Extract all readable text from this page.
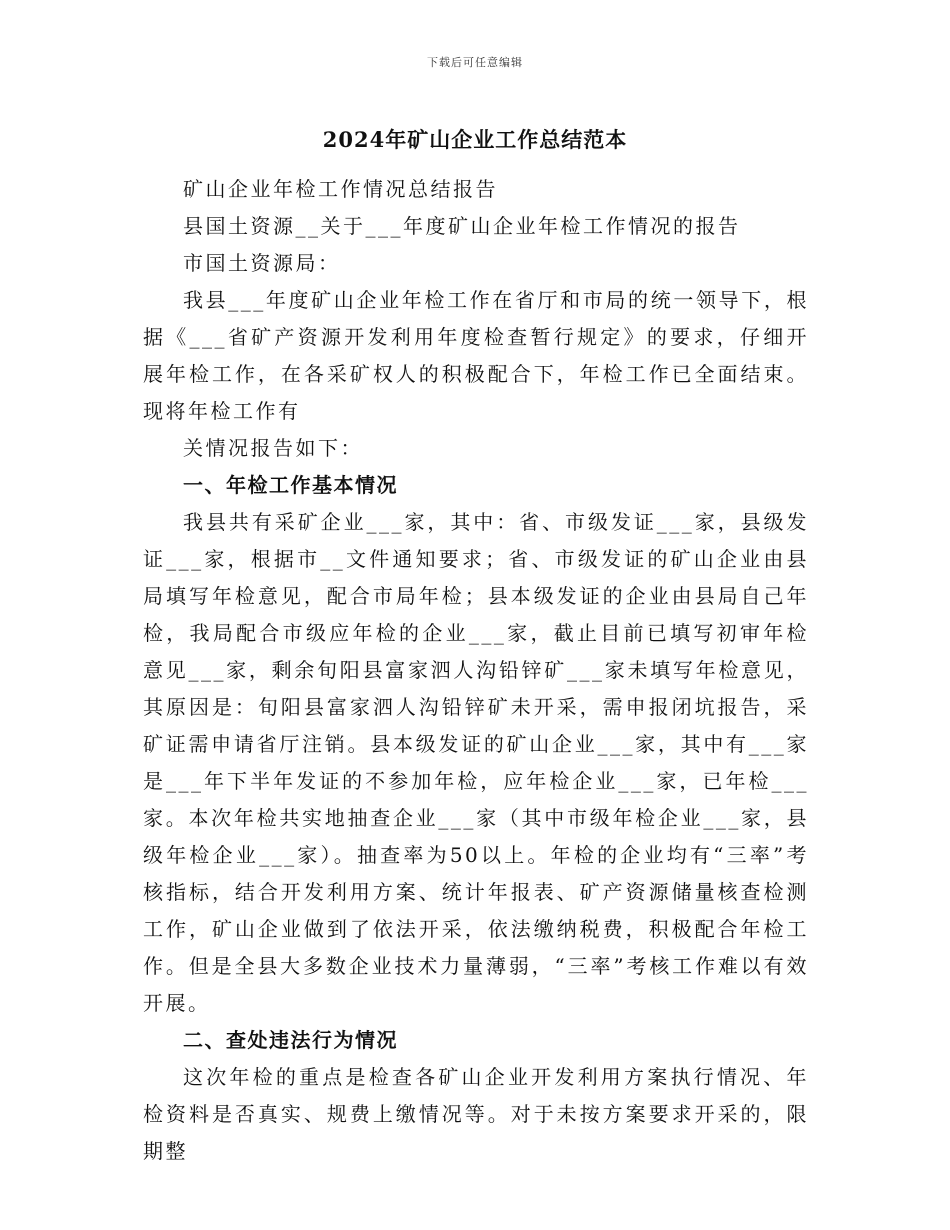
下载后可任意编辑
2024年矿山企业工作总结范本

矿山企业年检工作情况总结报告

县国土资源__关于___年度矿山企业年检工作情况的报告

市国土资源局：

我县___年度矿山企业年检工作在省厅和市局的统一领导下，根据《___省矿产资源开发利用年度检查暂行规定》的要求，仔细开展年检工作，在各采矿权人的积极配合下，年检工作已全面结束。现将年检工作有

关情况报告如下：

一、年检工作基本情况

我县共有采矿企业___家，其中：省、市级发证___家，县级发证___家，根据市__文件通知要求；省、市级发证的矿山企业由县局填写年检意见，配合市局年检；县本级发证的企业由县局自己年检，我局配合市级应年检的企业___家，截止目前已填写初审年检意见___家，剩余旬阳县富家泗人沟铅锌矿___家未填写年检意见，其原因是：旬阳县富家泗人沟铅锌矿未开采，需申报闭坑报告，采矿证需申请省厅注销。县本级发证的矿山企业___家，其中有___家是___年下半年发证的不参加年检，应年检企业___家，已年检___家。本次年检共实地抽查企业___家（其中市级年检企业___家，县级年检企业___家）。抽查率为50以上。年检的企业均有“三率”考核指标，结合开发利用方案、统计年报表、矿产资源储量核查检测工作，矿山企业做到了依法开采，依法缴纳税费，积极配合年检工作。但是全县大多数企业技术力量薄弱，“三率”考核工作难以有效开展。

二、查处违法行为情况

这次年检的重点是检查各矿山企业开发利用方案执行情况、年检资料是否真实、规费上缴情况等。对于未按方案要求开采的，限期整
